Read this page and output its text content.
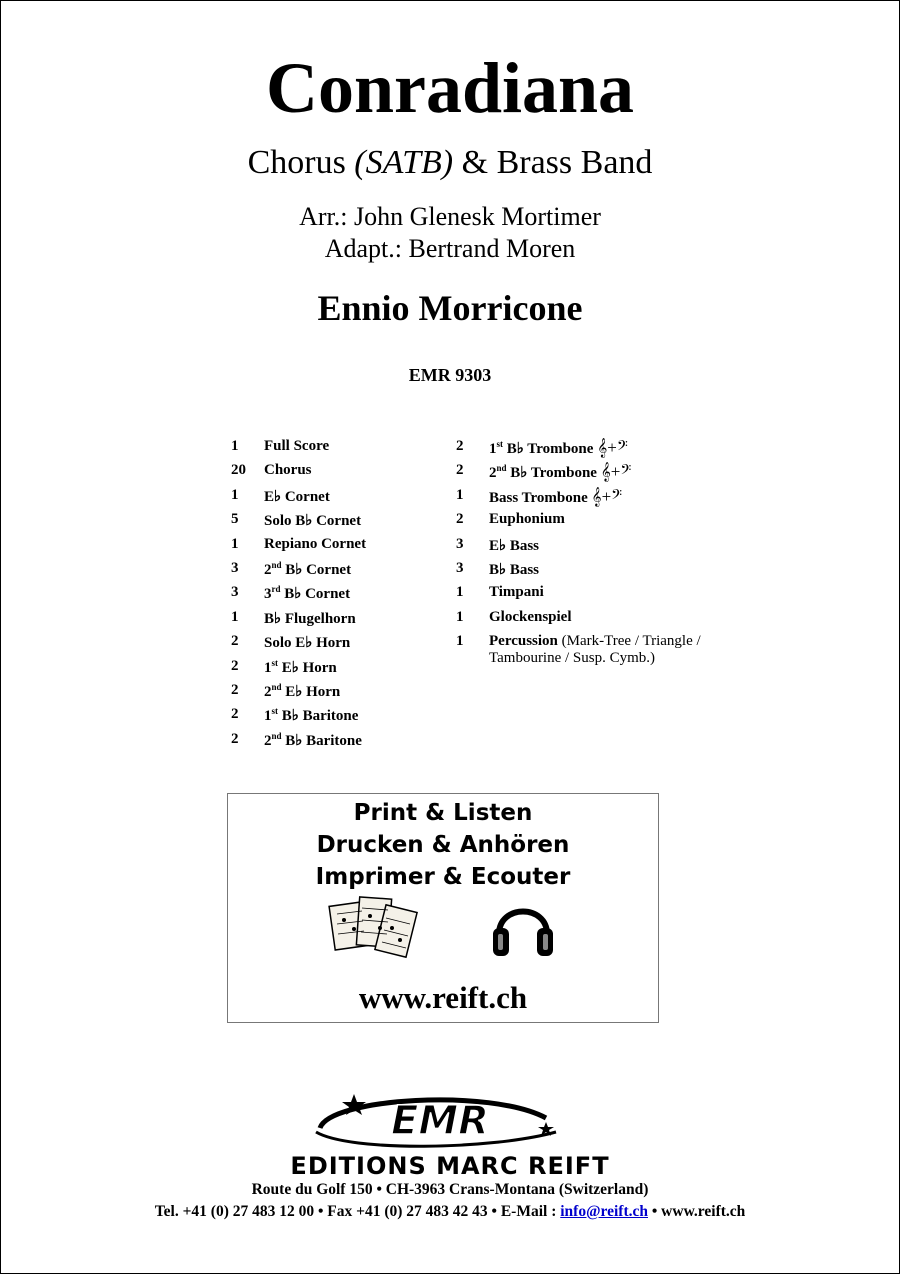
Conradiana
Chorus (SATB) & Brass Band
Arr.: John Glenesk Mortimer
Adapt.: Bertrand Moren
Ennio Morricone
EMR 9303
1 Full Score
20 Chorus
1 E♭ Cornet
5 Solo B♭ Cornet
1 Repiano Cornet
3 2nd B♭ Cornet
3 3rd B♭ Cornet
1 B♭ Flugelhorn
2 Solo E♭ Horn
2 1st E♭ Horn
2 2nd E♭ Horn
2 1st B♭ Baritone
2 2nd B♭ Baritone
2 1st B♭ Trombone 𝄞+𝄢
2 2nd B♭ Trombone 𝄞+𝄢
1 Bass Trombone 𝄞+𝄢
2 Euphonium
3 E♭ Bass
3 B♭ Bass
1 Timpani
1 Glockenspiel
1 Percussion (Mark-Tree / Triangle /
Tambourine / Susp. Cymb.)
Print & Listen
Drucken & Anhören
Imprimer & Ecouter
www.reift.ch
EMR
EDITIONS MARC REIFT
Route du Golf 150 • CH-3963 Crans-Montana (Switzerland)
Tel. +41 (0) 27 483 12 00 • Fax +41 (0) 27 483 42 43 • E-Mail : info@reift.ch • www.reift.ch
